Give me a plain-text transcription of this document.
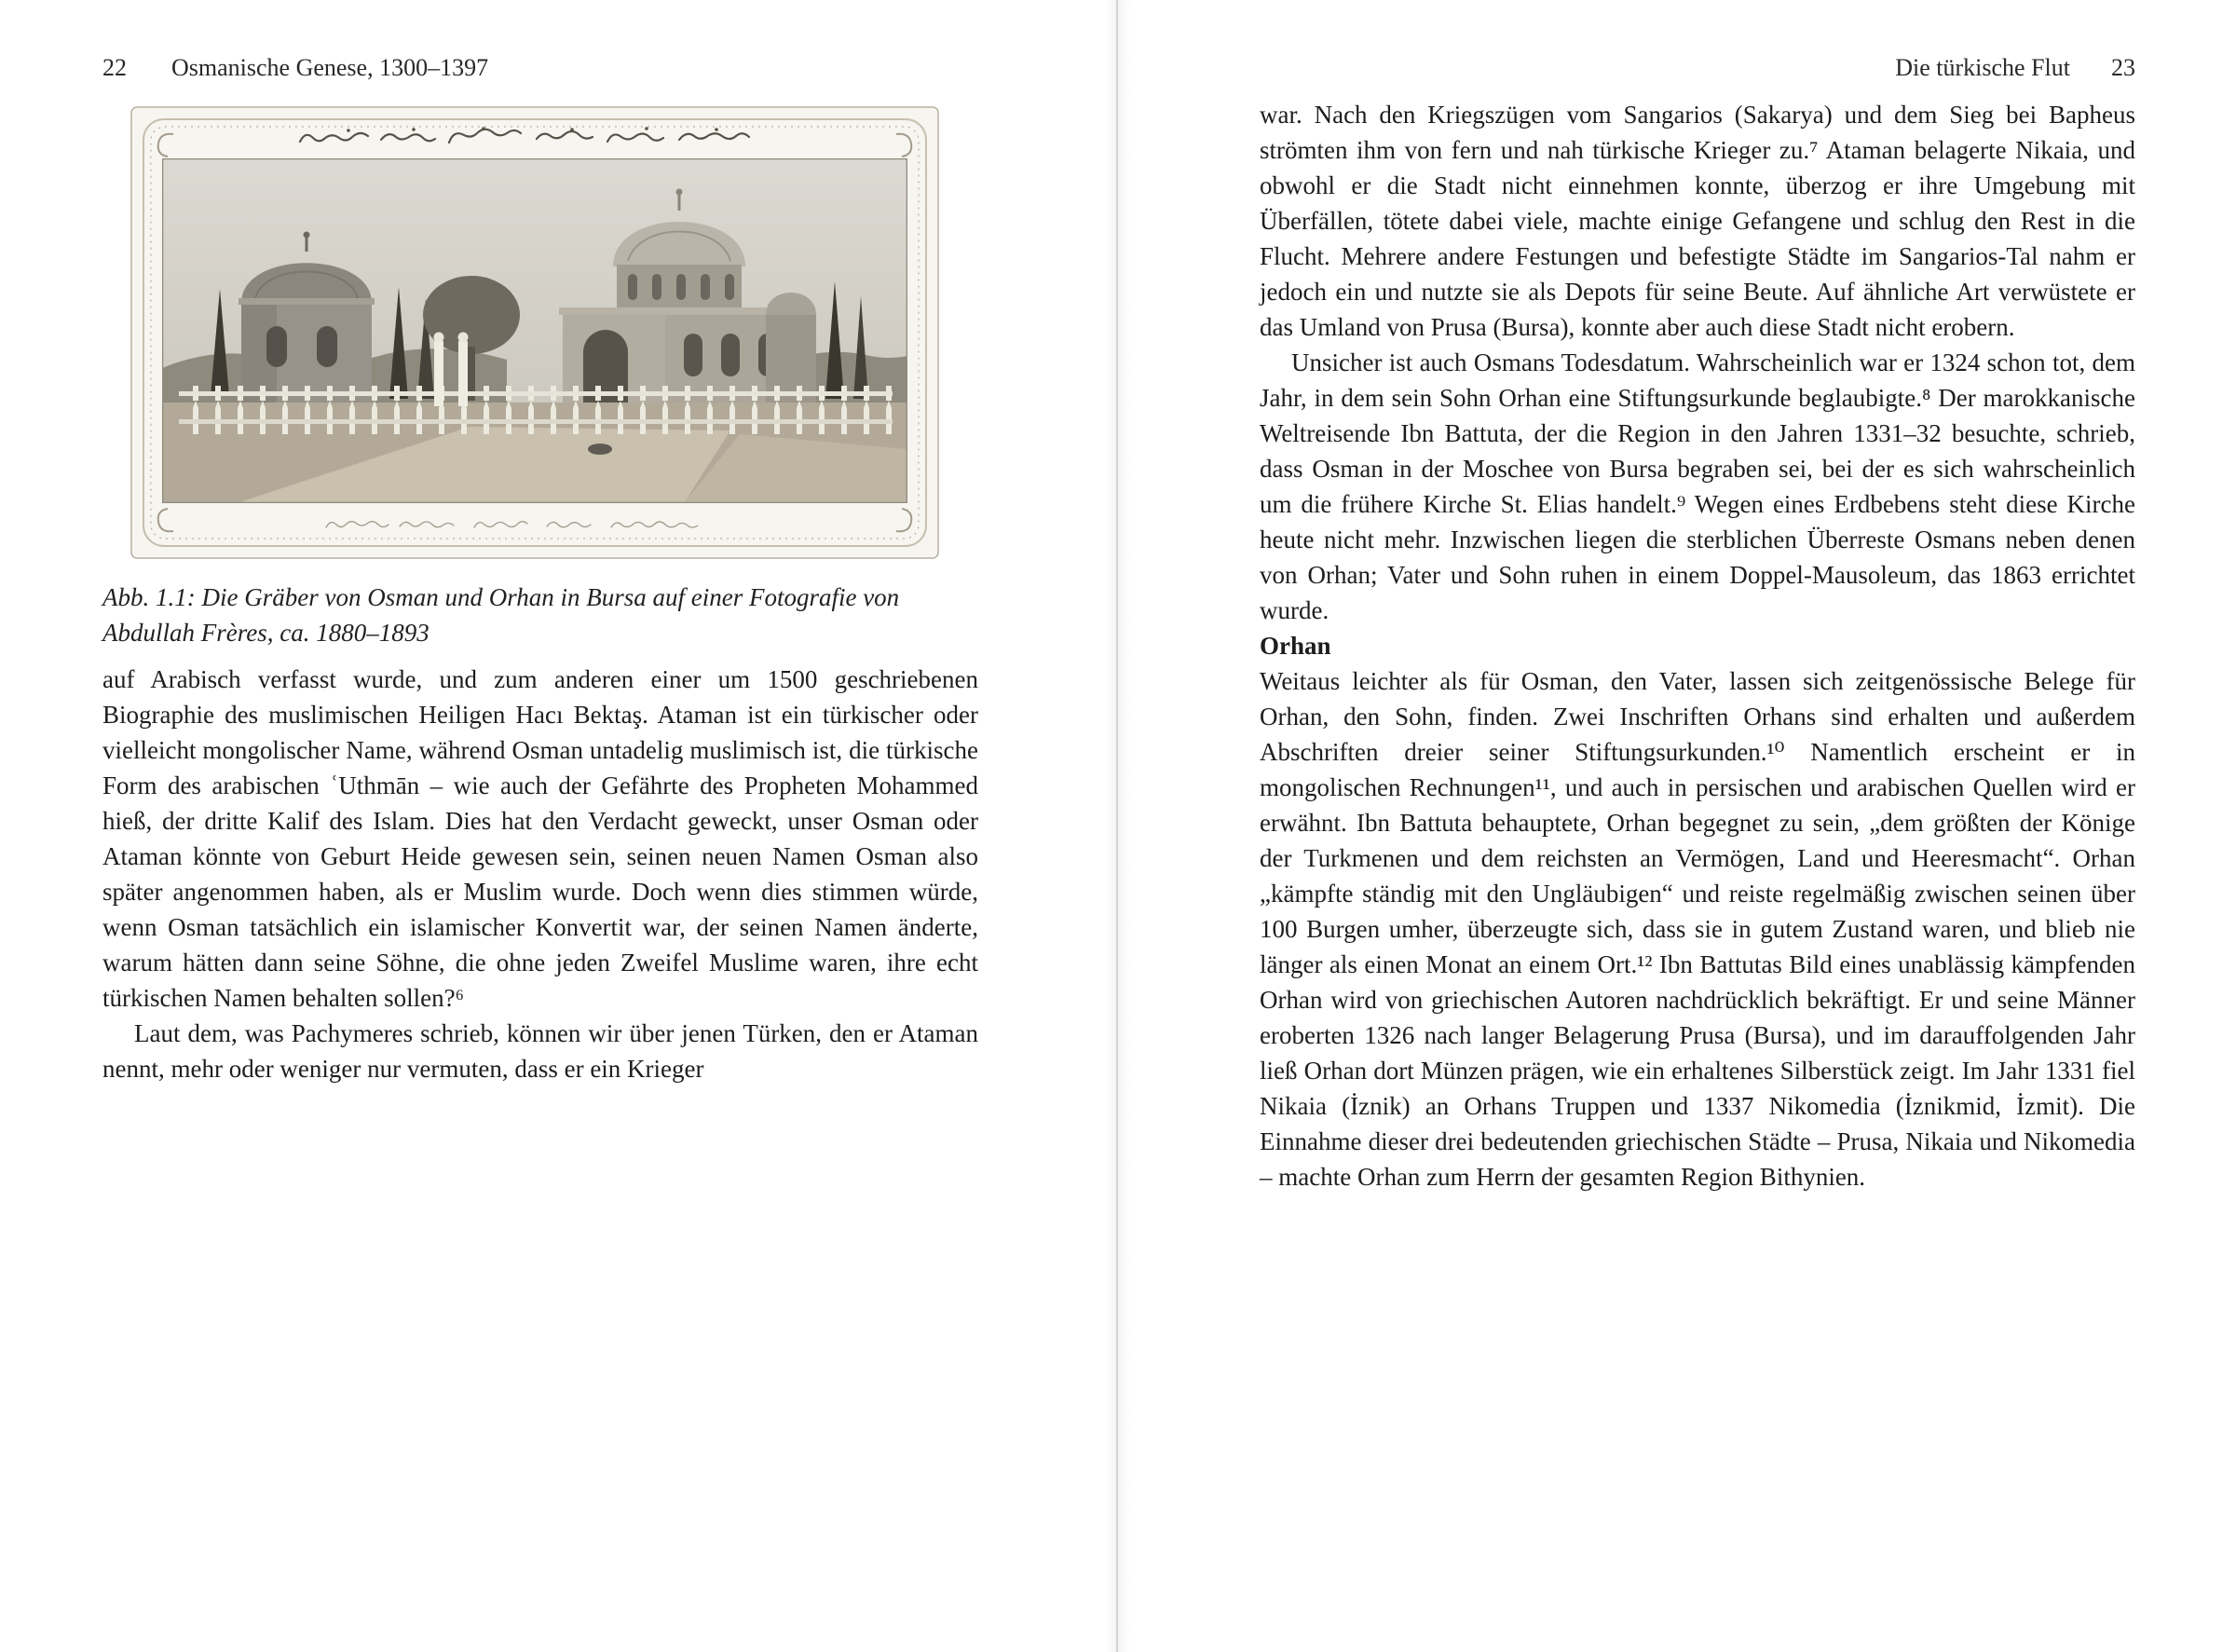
22 Osmanische Genese, 1300–1397
Abb. 1.1: Die Gräber von Osman und Orhan in Bursa auf einer Fotografie von Abdullah Frères, ca. 1880–1893

auf Arabisch verfasst wurde, und zum anderen einer um 1500 geschriebenen Biographie des muslimischen Heiligen Hacı Bektaş. Ataman ist ein türkischer oder vielleicht mongolischer Name, während Osman untadelig muslimisch ist, die türkische Form des arabischen ʿUthmān – wie auch der Gefährte des Propheten Mohammed hieß, der dritte Kalif des Islam. Dies hat den Verdacht geweckt, unser Osman oder Ataman könnte von Geburt Heide gewesen sein, seinen neuen Namen Osman also später angenommen haben, als er Muslim wurde. Doch wenn dies stimmen würde, wenn Osman tatsächlich ein islamischer Konvertit war, der seinen Namen änderte, warum hätten dann seine Söhne, die ohne jeden Zweifel Muslime waren, ihre echt türkischen Namen behalten sollen?⁶

Laut dem, was Pachymeres schrieb, können wir über jenen Türken, den er Ataman nennt, mehr oder weniger nur vermuten, dass er ein Krieger

Die türkische Flut 23

war. Nach den Kriegszügen vom Sangarios (Sakarya) und dem Sieg bei Bapheus strömten ihm von fern und nah türkische Krieger zu.⁷ Ataman belagerte Nikaia, und obwohl er die Stadt nicht einnehmen konnte, überzog er ihre Umgebung mit Überfällen, tötete dabei viele, machte einige Gefangene und schlug den Rest in die Flucht. Mehrere andere Festungen und befestigte Städte im Sangarios-Tal nahm er jedoch ein und nutzte sie als Depots für seine Beute. Auf ähnliche Art verwüstete er das Umland von Prusa (Bursa), konnte aber auch diese Stadt nicht erobern.

Unsicher ist auch Osmans Todesdatum. Wahrscheinlich war er 1324 schon tot, dem Jahr, in dem sein Sohn Orhan eine Stiftungsurkunde beglaubigte.⁸ Der marokkanische Weltreisende Ibn Battuta, der die Region in den Jahren 1331–32 besuchte, schrieb, dass Osman in der Moschee von Bursa begraben sei, bei der es sich wahrscheinlich um die frühere Kirche St. Elias handelt.⁹ Wegen eines Erdbebens steht diese Kirche heute nicht mehr. Inzwischen liegen die sterblichen Überreste Osmans neben denen von Orhan; Vater und Sohn ruhen in einem Doppel-Mausoleum, das 1863 errichtet wurde.

Orhan

Weitaus leichter als für Osman, den Vater, lassen sich zeitgenössische Belege für Orhan, den Sohn, finden. Zwei Inschriften Orhans sind erhalten und außerdem Abschriften dreier seiner Stiftungsurkunden.¹⁰ Namentlich erscheint er in mongolischen Rechnungen¹¹, und auch in persischen und arabischen Quellen wird er erwähnt. Ibn Battuta behauptete, Orhan begegnet zu sein, „dem größten der Könige der Turkmenen und dem reichsten an Vermögen, Land und Heeresmacht“. Orhan „kämpfte ständig mit den Ungläubigen“ und reiste regelmäßig zwischen seinen über 100 Burgen umher, überzeugte sich, dass sie in gutem Zustand waren, und blieb nie länger als einen Monat an einem Ort.¹² Ibn Battutas Bild eines unablässig kämpfenden Orhan wird von griechischen Autoren nachdrücklich bekräftigt. Er und seine Männer eroberten 1326 nach langer Belagerung Prusa (Bursa), und im darauffolgenden Jahr ließ Orhan dort Münzen prägen, wie ein erhaltenes Silberstück zeigt. Im Jahr 1331 fiel Nikaia (İznik) an Orhans Truppen und 1337 Nikomedia (İznikmid, İzmit). Die Einnahme dieser drei bedeutenden griechischen Städte – Prusa, Nikaia und Nikomedia – machte Orhan zum Herrn der gesamten Region Bithynien.
